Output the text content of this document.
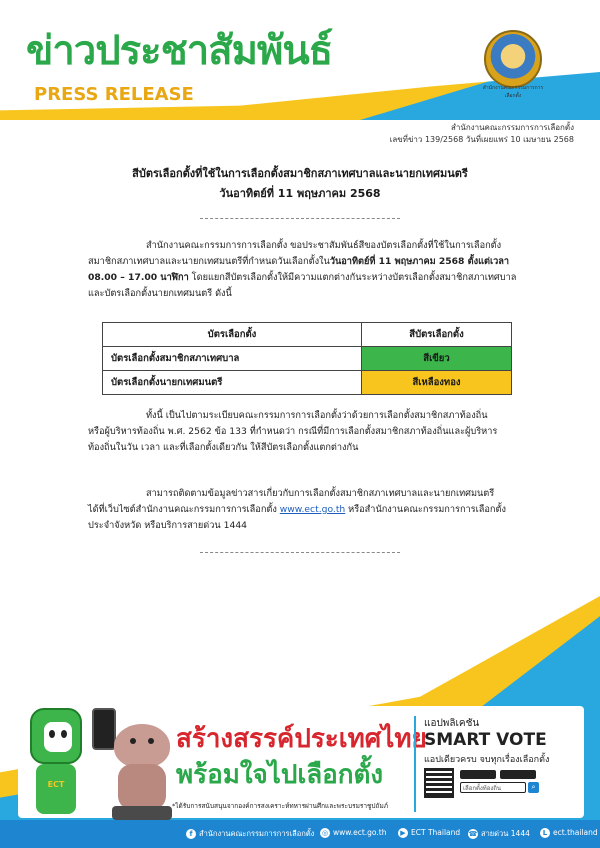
ข่าวประชาสัมพันธ์
PRESS RELEASE	สำนักงานคณะกรรมการการเลือกตั้ง
สำนักงานคณะกรรมการการเลือกตั้ง
เลขที่ข่าว 139/2568 วันที่เผยแพร่ 10 เมษายน 2568
สีบัตรเลือกตั้งที่ใช้ในการเลือกตั้งสมาชิกสภาเทศบาลและนายกเทศมนตรี
วันอาทิตย์ที่ 11 พฤษภาคม 2568
สำนักงานคณะกรรมการการเลือกตั้ง ขอประชาสัมพันธ์สีของบัตรเลือกตั้งที่ใช้ในการเลือกตั้ง
สมาชิกสภาเทศบาลและนายกเทศมนตรีที่กำหนดวันเลือกตั้งในวันอาทิตย์ที่ 11 พฤษภาคม 2568 ตั้งแต่เวลา
08.00 – 17.00 นาฬิกา โดยแยกสีบัตรเลือกตั้งให้มีความแตกต่างกันระหว่างบัตรเลือกตั้งสมาชิกสภาเทศบาล
และบัตรเลือกตั้งนายกเทศมนตรี ดังนี้
บัตรเลือกตั้ง	สีบัตรเลือกตั้ง
บัตรเลือกตั้งสมาชิกสภาเทศบาล	สีเขียว
บัตรเลือกตั้งนายกเทศมนตรี	สีเหลืองทอง
ทั้งนี้ เป็นไปตามระเบียบคณะกรรมการการเลือกตั้งว่าด้วยการเลือกตั้งสมาชิกสภาท้องถิ่น
หรือผู้บริหารท้องถิ่น พ.ศ. 2562 ข้อ 133 ที่กำหนดว่า กรณีที่มีการเลือกตั้งสมาชิกสภาท้องถิ่นและผู้บริหาร
ท้องถิ่นในวัน เวลา และที่เลือกตั้งเดียวกัน ให้สีบัตรเลือกตั้งแตกต่างกัน
สามารถติดตามข้อมูลข่าวสารเกี่ยวกับการเลือกตั้งสมาชิกสภาเทศบาลและนายกเทศมนตรี
ได้ที่เว็บไซต์สำนักงานคณะกรรมการการเลือกตั้ง www.ect.go.th หรือสำนักงานคณะกรรมการการเลือกตั้ง
ประจำจังหวัด หรือบริการสายด่วน 1444
ECT
สร้างสรรค์ประเทศไทย
พร้อมใจไปเลือกตั้ง
*ได้รับการสนับสนุนจากองค์การสงเคราะห์ทหารผ่านศึกและพระบรมราชูปถัมภ์
แอปพลิเคชัน
SMART VOTE
แอปเดียวครบ จบทุกเรื่องเลือกตั้ง
เลือกตั้งท้องถิ่น	⌕
f สำนักงานคณะกรรมการการเลือกตั้ง ◎ www.ect.go.th	▶ ECT Thailand ☎ สายด่วน 1444	L ect.thailand
